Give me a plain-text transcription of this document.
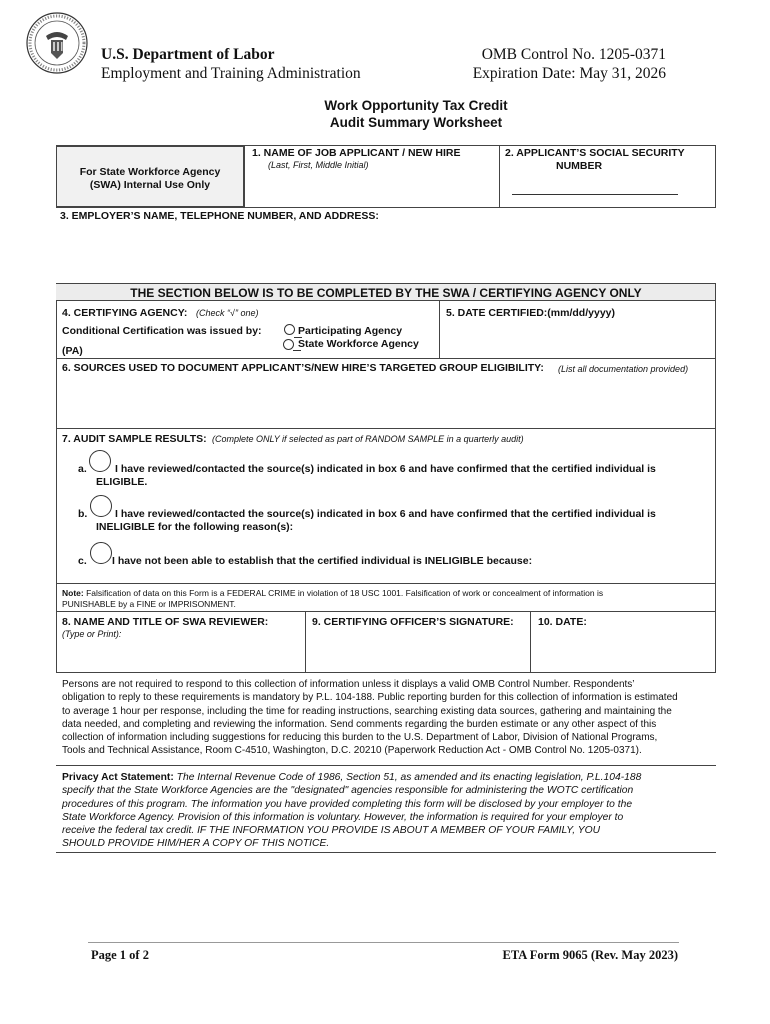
U.S. Department of Labor
Employment and Training Administration
OMB Control No. 1205-0371
Expiration Date: May 31, 2026
Work Opportunity Tax Credit
Audit Summary Worksheet
For State Workforce Agency
(SWA) Internal Use Only
1. NAME OF JOB APPLICANT / NEW HIRE
(Last, First, Middle Initial)
2. APPLICANT’S SOCIAL SECURITY
NUMBER
3. EMPLOYER’S NAME, TELEPHONE NUMBER, AND ADDRESS:
THE SECTION BELOW IS TO BE COMPLETED BY THE SWA / CERTIFYING AGENCY ONLY
4. CERTIFYING AGENCY: (Check “√” one)
Conditional Certification was issued by:
(PA)
Participating Agency
State Workforce Agency
5. DATE CERTIFIED:(mm/dd/yyyy)
6. SOURCES USED TO DOCUMENT APPLICANT’S/NEW HIRE’S TARGETED GROUP ELIGIBILITY: (List all documentation provided)
7. AUDIT SAMPLE RESULTS: (Complete ONLY if selected as part of RANDOM SAMPLE in a quarterly audit)
a.	I have reviewed/contacted the source(s) indicated in box 6 and have confirmed that the certified individual is
ELIGIBLE.
b.	I have reviewed/contacted the source(s) indicated in box 6 and have confirmed that the certified individual is
INELIGIBLE for the following reason(s):
c. I have not been able to establish that the certified individual is INELIGIBLE because:
Note: Falsification of data on this Form is a FEDERAL CRIME in violation of 18 USC 1001. Falsification of work or concealment of information is
PUNISHABLE by a FINE or IMPRISONMENT.
8. NAME AND TITLE OF SWA REVIEWER:
(Type or Print):
9. CERTIFYING OFFICER’S SIGNATURE: 10. DATE:
Persons are not required to respond to this collection of information unless it displays a valid OMB Control Number. Respondents’
obligation to reply to these requirements is mandatory by P.L. 104-188. Public reporting burden for this collection of information is estimated
to average 1 hour per response, including the time for reading instructions, searching existing data sources, gathering and maintaining the
data needed, and completing and reviewing the information. Send comments regarding the burden estimate or any other aspect of this
collection of information including suggestions for reducing this burden to the U.S. Department of Labor, Division of National Programs,
Tools and Technical Assistance, Room C-4510, Washington, D.C. 20210 (Paperwork Reduction Act - OMB Control No. 1205-0371).
Privacy Act Statement: The Internal Revenue Code of 1986, Section 51, as amended and its enacting legislation, P.L.104-188
specify that the State Workforce Agencies are the "designated" agencies responsible for administering the WOTC certification
procedures of this program. The information you have provided completing this form will be disclosed by your employer to the
State Workforce Agency. Provision of this information is voluntary. However, the information is required for your employer to
receive the federal tax credit. IF THE INFORMATION YOU PROVIDE IS ABOUT A MEMBER OF YOUR FAMILY, YOU
SHOULD PROVIDE HIM/HER A COPY OF THIS NOTICE.
Page 1 of 2	ETA Form 9065 (Rev. May 2023)
